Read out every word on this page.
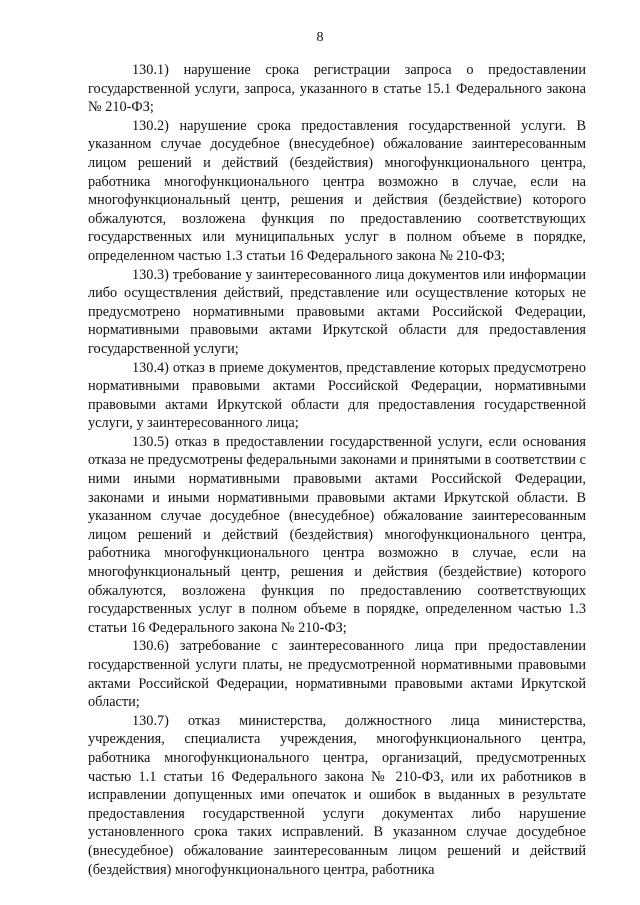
8

130.1) нарушение срока регистрации запроса о предоставлении государственной услуги, запроса, указанного в статье 15.1 Федерального закона № 210-ФЗ;

130.2) нарушение срока предоставления государственной услуги. В указанном случае досудебное (внесудебное) обжалование заинтересованным лицом решений и действий (бездействия) многофункционального центра, работника многофункционального центра возможно в случае, если на многофункциональный центр, решения и действия (бездействие) которого обжалуются, возложена функция по предоставлению соответствующих государственных или муниципальных услуг в полном объеме в порядке, определенном частью 1.3 статьи 16 Федерального закона № 210-ФЗ;

130.3) требование у заинтересованного лица документов или информации либо осуществления действий, представление или осуществление которых не предусмотрено нормативными правовыми актами Российской Федерации, нормативными правовыми актами Иркутской области для предоставления государственной услуги;

130.4) отказ в приеме документов, представление которых предусмотрено нормативными правовыми актами Российской Федерации, нормативными правовыми актами Иркутской области для предоставления государственной услуги, у заинтересованного лица;

130.5) отказ в предоставлении государственной услуги, если основания отказа не предусмотрены федеральными законами и принятыми в соответствии с ними иными нормативными правовыми актами Российской Федерации, законами и иными нормативными правовыми актами Иркутской области. В указанном случае досудебное (внесудебное) обжалование заинтересованным лицом решений и действий (бездействия) многофункционального центра, работника многофункционального центра возможно в случае, если на многофункциональный центр, решения и действия (бездействие) которого обжалуются, возложена функция по предоставлению соответствующих государственных услуг в полном объеме в порядке, определенном частью 1.3 статьи 16 Федерального закона № 210-ФЗ;

130.6) затребование с заинтересованного лица при предоставлении государственной услуги платы, не предусмотренной нормативными правовыми актами Российской Федерации, нормативными правовыми актами Иркутской области;

130.7) отказ министерства, должностного лица министерства, учреждения, специалиста учреждения, многофункционального центра, работника многофункционального центра, организаций, предусмотренных частью 1.1 статьи 16 Федерального закона № 210-ФЗ, или их работников в исправлении допущенных ими опечаток и ошибок в выданных в результате предоставления государственной услуги документах либо нарушение установленного срока таких исправлений. В указанном случае досудебное (внесудебное) обжалование заинтересованным лицом решений и действий (бездействия) многофункционального центра, работника
